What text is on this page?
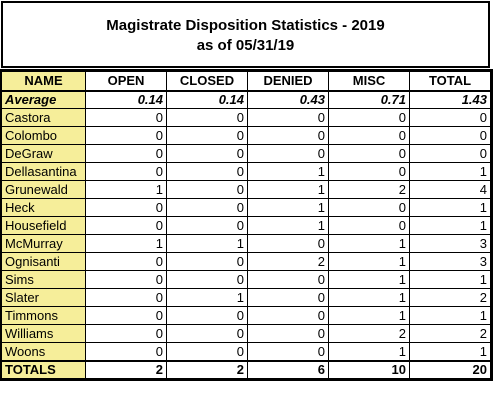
Magistrate Disposition Statistics - 2019
as of 05/31/19
NAME	OPEN	CLOSED	DENIED	MISC	TOTAL
Average	0.14	0.14	0.43	0.71	1.43
Castora	0	0	0	0	0
Colombo	0	0	0	0	0
DeGraw	0	0	0	0	0
Dellasantina	0	0	1	0	1
Grunewald	1	0	1	2	4
Heck	0	0	1	0	1
Housefield	0	0	1	0	1
McMurray	1	1	0	1	3
Ognisanti	0	0	2	1	3
Sims	0	0	0	1	1
Slater	0	1	0	1	2
Timmons	0	0	0	1	1
Williams	0	0	0	2	2
Woons	0	0	0	1	1
TOTALS	2	2	6	10	20
